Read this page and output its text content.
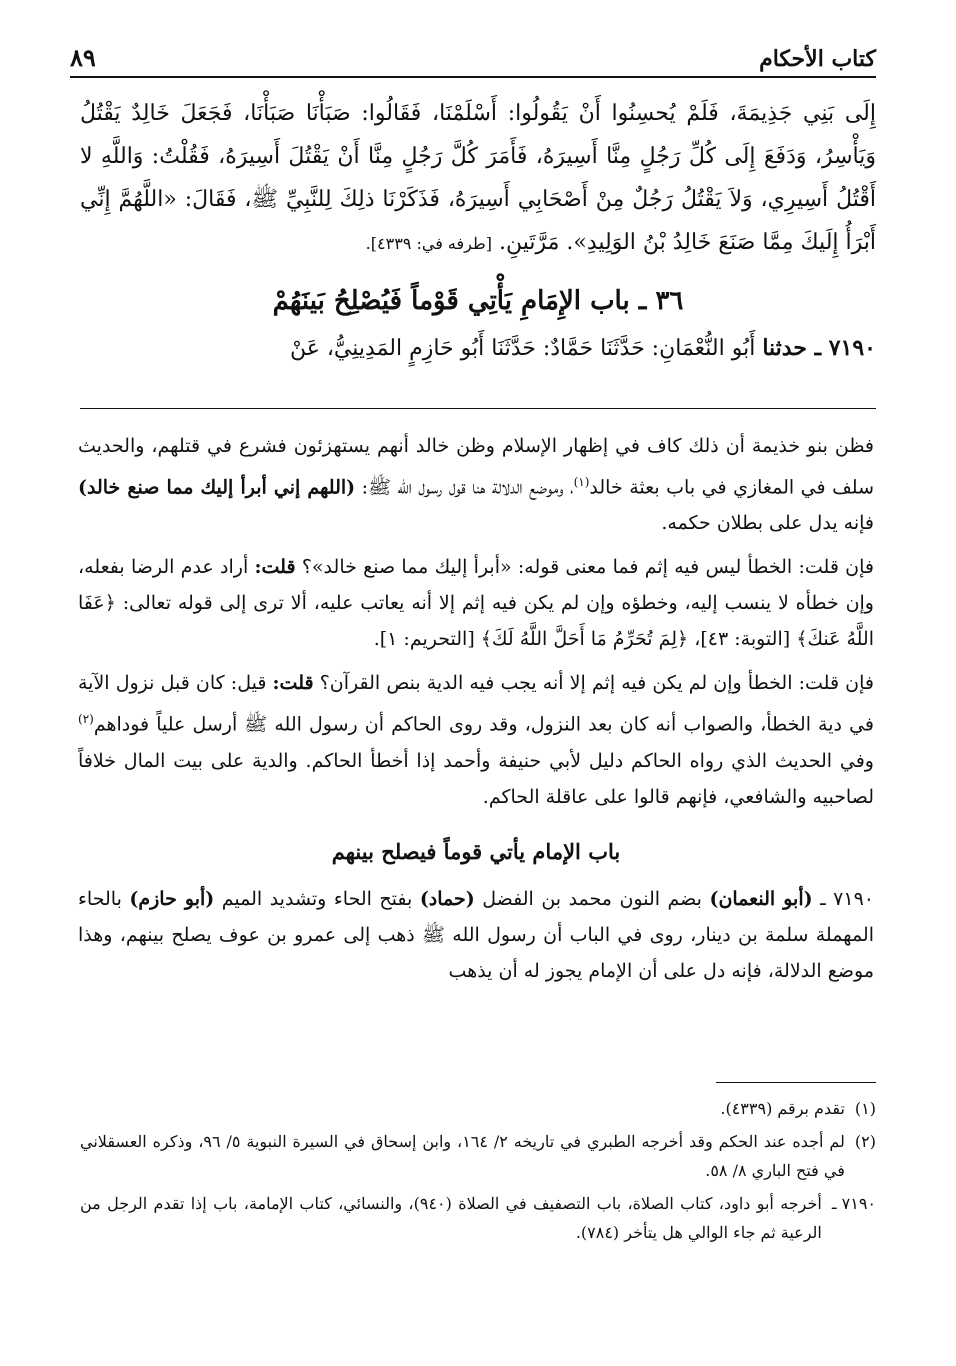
كتاب الأحكام
٨٩

إِلَى بَنِي جَذِيمَةَ، فَلَمْ يُحسِنُوا أَنْ يَقُولُوا: أَسْلَمْنَا، فَقَالُوا: صَبَأْنَا صَبَأْنَا، فَجَعَلَ خَالِدٌ يَقْتُلُ وَيَأْسِرُ، وَدَفَعَ إِلَى كُلِّ رَجُلٍ مِنَّا أَسِيرَهُ، فَأَمَرَ كُلَّ رَجُلٍ مِنَّا أَنْ يَقْتُلَ أَسِيرَهُ، فَقُلْتُ: وَاللَّهِ لا أَقْتُلُ أَسِيرِي، وَلاَ يَقْتُلُ رَجُلٌ مِنْ أَصْحَابِي أَسِيرَهُ، فَذَكَرْنَا ذلِكَ لِلنَّبِيِّ ﷺ، فَقَالَ: «اللَّهُمَّ إِنِّي أَبْرَأُ إِلَيكَ مِمَّا صَنَعَ خَالِدُ بْنُ الوَلِيدِ». مَرَّتَينِ. [طرفه في: ٤٣٣٩].

٣٦ ـ باب الإِمَامِ يَأْتِي قَوْماً فَيُصْلِحُ بَينَهُمْ

٧١٩٠ ـ حدثنا أَبُو النُّعْمَانِ: حَدَّثَنَا حَمَّادٌ: حَدَّثَنَا أَبُو حَازِمٍ المَدِينِيُّ، عَنْ

فظن بنو خذيمة أن ذلك كاف في إظهار الإسلام وظن خالد أنهم يستهزئون فشرع في قتلهم، والحديث سلف في المغازي في باب بعثة خالد$^{(١)}$، وموضع الدلالة هنا قول رسول الله ﷺ: (اللهم إني أبرأ إليك مما صنع خالد) فإنه يدل على بطلان حكمه.

فإن قلت: الخطأ ليس فيه إثم فما معنى قوله: «أبرأ إليك مما صنع خالد»؟ قلت: أراد عدم الرضا بفعله، وإن خطأه لا ينسب إليه، وخطؤه وإن لم يكن فيه إثم إلا أنه يعاتب عليه، ألا ترى إلى قوله تعالى: ﴿عَفَا اللَّهُ عَنكَ﴾ [التوبة: ٤٣]، ﴿لِمَ تُحَرِّمُ مَا أَحَلَّ اللَّهُ لَكَ﴾ [التحريم: ١].

فإن قلت: الخطأ وإن لم يكن فيه إثم إلا أنه يجب فيه الدية بنص القرآن؟ قلت: قيل: كان قبل نزول الآية في دية الخطأ، والصواب أنه كان بعد النزول، وقد روى الحاكم أن رسول الله ﷺ أرسل علياً فوداهم$^{(٢)}$ وفي الحديث الذي رواه الحاكم دليل لأبي حنيفة وأحمد إذا أخطأ الحاكم. والدية على بيت المال خلافاً لصاحبيه والشافعي، فإنهم قالوا على عاقلة الحاكم.

باب الإمام يأتي قوماً فيصلح بينهم

٧١٩٠ ـ (أبو النعمان) بضم النون محمد بن الفضل (حماد) بفتح الحاء وتشديد الميم (أبو حازم) بالحاء المهملة سلمة بن دينار، روى في الباب أن رسول الله ﷺ ذهب إلى عمرو بن عوف يصلح بينهم، وهذا موضع الدلالة، فإنه دل على أن الإمام يجوز له أن يذهب

(١)
تقدم برقم (٤٣٣٩).
(٢)
لم أجده عند الحكم وقد أخرجه الطبري في تاريخه ٢/ ١٦٤، وابن إسحاق في السيرة النبوية ٥/ ٩٦، وذكره العسقلاني في فتح الباري ٨/ ٥٨.
٧١٩٠ ـ
أخرجه أبو داود، كتاب الصلاة، باب التصفيف في الصلاة (٩٤٠)، والنسائي، كتاب الإمامة، باب إذا تقدم الرجل من الرعية ثم جاء الوالي هل يتأخر (٧٨٤).
